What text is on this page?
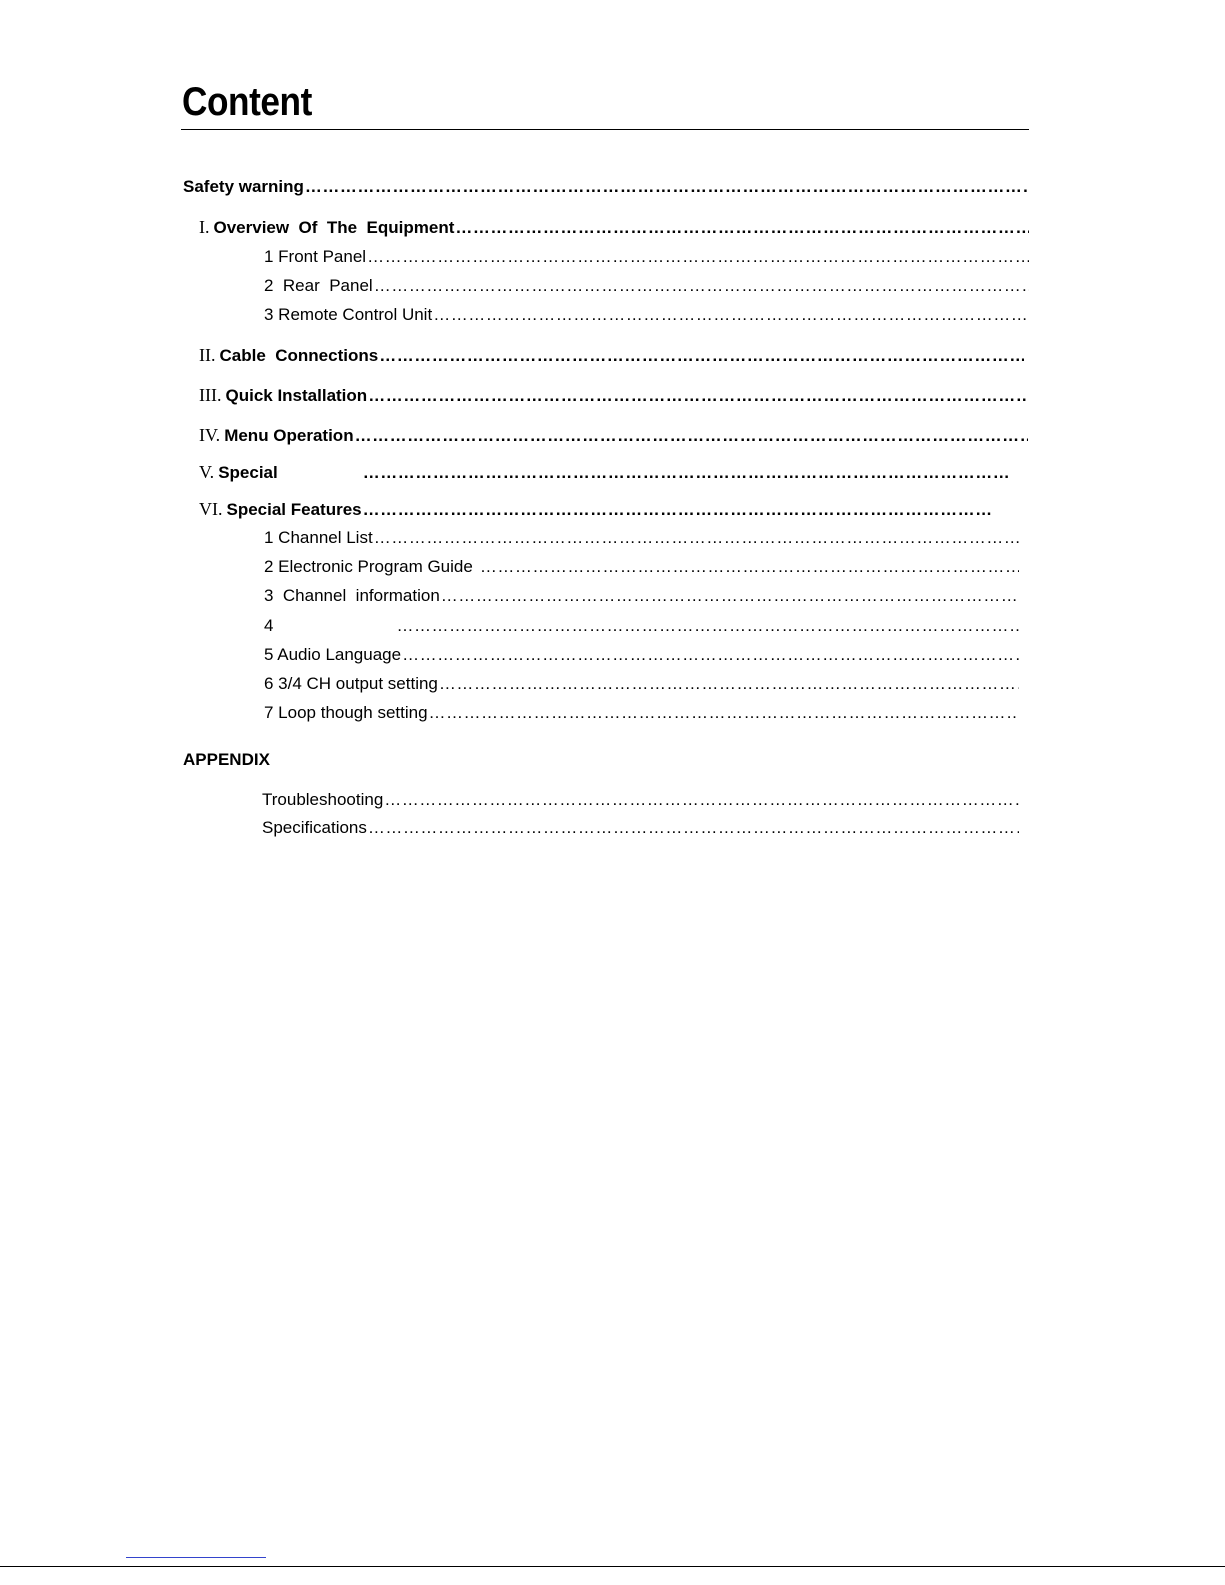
Content
Safety warning
…………………………………………………………………………………………………………………………………………………………………………………………………………
I. Overview  Of  The  Equipment
…………………………………………………………………………………………………………………………………………………………………………………………………………
1 Front Panel
…………………………………………………………………………………………………………………………………………………………………………………………………………
2  Rear  Panel
…………………………………………………………………………………………………………………………………………………………………………………………………………
3 Remote Control Unit
…………………………………………………………………………………………………………………………………………………………………………………………………………
II. Cable  Connections
…………………………………………………………………………………………………………………………………………………………………………………………………………
III. Quick Installation
…………………………………………………………………………………………………………………………………………………………………………………………………………
IV. Menu Operation
…………………………………………………………………………………………………………………………………………………………………………………………………………
V. Special
…………………………………………………………………………………………………………………………………………………………………………………………………………
VI. Special Features
…………………………………………………………………………………………………………………………………………………………………………………………………………
1 Channel List
…………………………………………………………………………………………………………………………………………………………………………………………………………
2 Electronic Program Guide
…………………………………………………………………………………………………………………………………………………………………………………………………………
3  Channel  information
…………………………………………………………………………………………………………………………………………………………………………………………………………
4
…………………………………………………………………………………………………………………………………………………………………………………………………………
5 Audio Language
…………………………………………………………………………………………………………………………………………………………………………………………………………
6 3/4 CH output setting
…………………………………………………………………………………………………………………………………………………………………………………………………………
7 Loop though setting
…………………………………………………………………………………………………………………………………………………………………………………………………………
APPENDIX
Troubleshooting
…………………………………………………………………………………………………………………………………………………………………………………………………………
Specifications
…………………………………………………………………………………………………………………………………………………………………………………………………………
